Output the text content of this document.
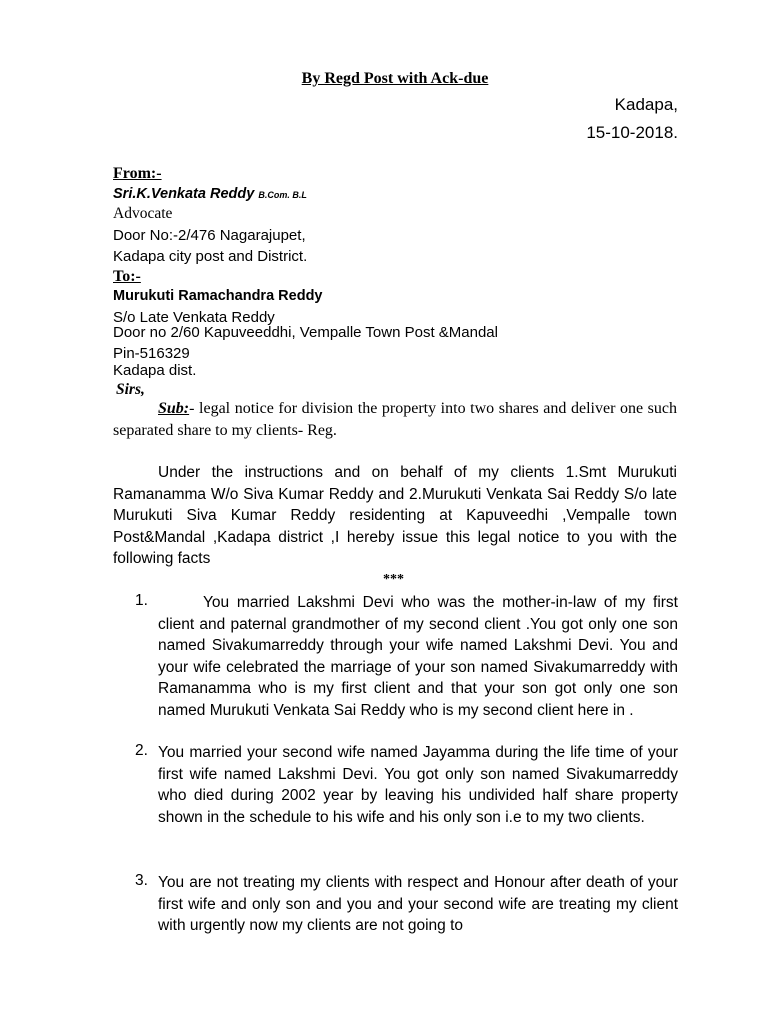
By Regd Post with Ack-due
Kadapa,
15-10-2018.
From:-
Sri.K.Venkata Reddy B.Com. B.L
Advocate
Door No:-2/476 Nagarajupet,
Kadapa city post and District.
To:-
Murukuti Ramachandra Reddy
S/o Late Venkata Reddy
Door no 2/60 Kapuveeddhi, Vempalle Town Post &Mandal
Pin-516329
Kadapa dist.
Sirs,
Sub:- legal notice for division the property into two shares and deliver one such separated share to my clients- Reg.
Under the instructions and on behalf of my clients 1.Smt Murukuti Ramanamma W/o Siva Kumar Reddy and 2.Murukuti Venkata Sai Reddy S/o late Murukuti Siva Kumar Reddy residenting at Kapuveedhi ,Vempalle town Post&Mandal ,Kadapa district ,I hereby issue this legal notice to you with the following facts
***
1.	You married Lakshmi Devi who was the mother-in-law of my first client and paternal grandmother of my second client .You got only one son named Sivakumarreddy through your wife named Lakshmi Devi. You and your wife celebrated the marriage of your son named Sivakumarreddy with Ramanamma who is my first client and that your son got only one son named Murukuti Venkata Sai Reddy who is my second client here in .
2. You married your second wife named Jayamma during the life time of your first wife named Lakshmi Devi. You got only son named Sivakumarreddy who died during 2002 year by leaving his undivided half share property shown in the schedule to his wife and his only son i.e to my two clients.
3. You are not treating my clients with respect and Honour after death of your first wife and only son and you and your second wife are treating my client with urgently now my clients are not going to
